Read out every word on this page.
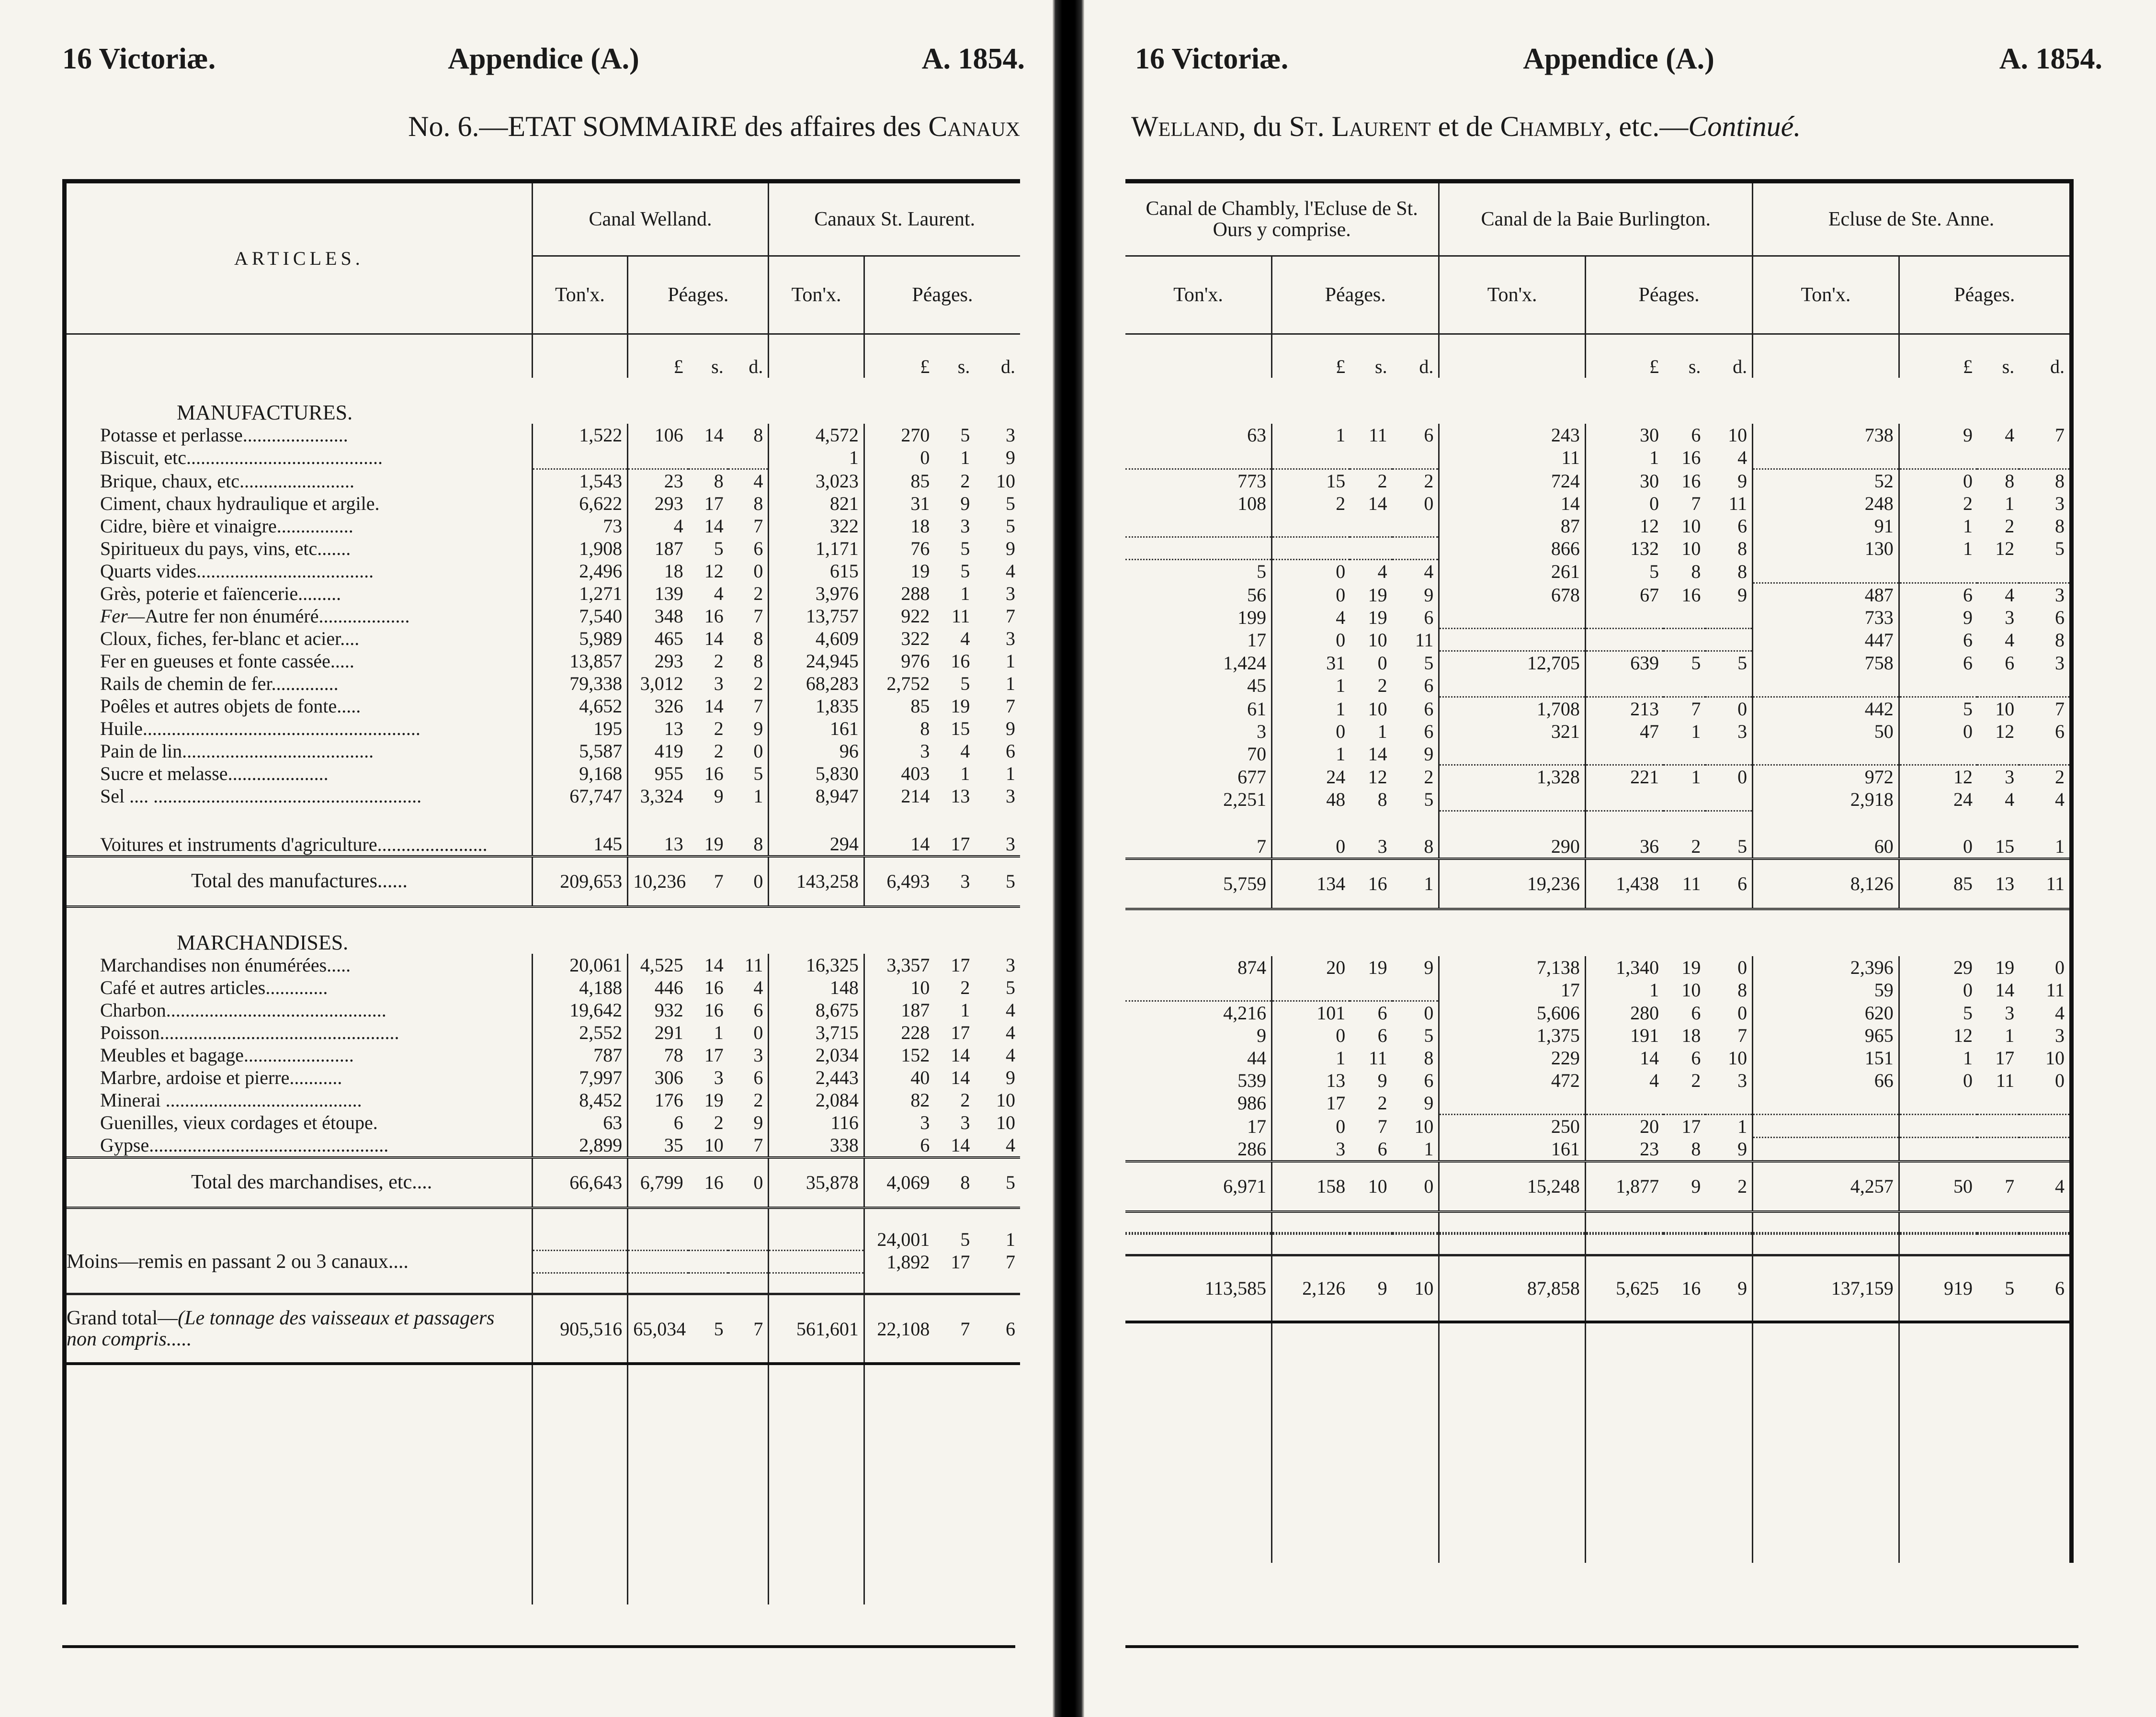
16 Victoriæ.	Appendice (A.)	A. 1854.
No. 6.—ETAT SOMMAIRE des affaires des Canaux
ARTICLES.	Canal Welland.				Canaux St. Laurent.			
	Ton'x.	Péages.			Ton'x.	Péages.		
		£	s.	d.		£	s.	d.
MANUFACTURES.								
Potasse et perlasse......................	1,522	106	14	8	4,572	270	5	3
Biscuit, etc.........................................					1	0	1	9
Brique, chaux, etc........................	1,543	23	8	4	3,023	85	2	10
Ciment, chaux hydraulique et argile.	6,622	293	17	8	821	31	9	5
Cidre, bière et vinaigre................	73	4	14	7	322	18	3	5
Spiritueux du pays, vins, etc.......	1,908	187	5	6	1,171	76	5	9
Quarts vides.....................................	2,496	18	12	0	615	19	5	4
Grès, poterie et faïencerie.........	1,271	139	4	2	3,976	288	1	3
Fer—Autre fer non énuméré...................	7,540	348	16	7	13,757	922	11	7
Cloux, fiches, fer-blanc et acier....	5,989	465	14	8	4,609	322	4	3
Fer en gueuses et fonte cassée.....	13,857	293	2	8	24,945	976	16	1
Rails de chemin de fer..............	79,338	3,012	3	2	68,283	2,752	5	1
Poêles et autres objets de fonte.....	4,652	326	14	7	1,835	85	19	7
Huile..........................................................	195	13	2	9	161	8	15	9
Pain de lin........................................	5,587	419	2	0	96	3	4	6
Sucre et melasse.....................	9,168	955	16	5	5,830	403	1	1
Sel .... ........................................................	67,747	3,324	9	1	8,947	214	13	3
Voitures et instruments d'agriculture.......................	145	13	19	8	294	14	17	3
Total des manufactures......	209,653	10,236	7	0	143,258	6,493	3	5
MARCHANDISES.								
Marchandises non énumérées.....	20,061	4,525	14	11	16,325	3,357	17	3
Café et autres articles.............	4,188	446	16	4	148	10	2	5
Charbon..............................................	19,642	932	16	6	8,675	187	1	4
Poisson..................................................	2,552	291	1	0	3,715	228	17	4
Meubles et bagage.......................	787	78	17	3	2,034	152	14	4
Marbre, ardoise et pierre...........	7,997	306	3	6	2,443	40	14	9
Minerai .........................................	8,452	176	19	2	2,084	82	2	10
Guenilles, vieux cordages et étoupe.	63	6	2	9	116	3	3	10
Gypse..................................................	2,899	35	10	7	338	6	14	4
Total des marchandises, etc....	66,643	6,799	16	0	35,878	4,069	8	5

						24,001	5	1
Moins—remis en passant 2 ou 3 canaux....						1,892	17	7

Grand total—(Le tonnage des vaisseaux et passagers non compris.....	905,516	65,034	5	7	561,601	22,108	7	6

16 Victoriæ.	Appendice (A.)	A. 1854.
Welland, du St. Laurent et de Chambly, etc.—Continué.
Canal de Chambly, l'Ecluse de St. Ours y comprise.				Canal de la Baie Burlington.				Ecluse de Ste. Anne.			
Ton'x.	Péages.			Ton'x.	Péages.			Ton'x.	Péages.		
	£	s.	d.		£	s.	d.		£	s.	d.

63	1	11	6	243	30	6	10	738	9	4	7
				11	1	16	4				
773	15	2	2	724	30	16	9	52	0	8	8
108	2	14	0	14	0	7	11	248	2	1	3
				87	12	10	6	91	1	2	8
				866	132	10	8	130	1	12	5
5	0	4	4	261	5	8	8				
56	0	19	9	678	67	16	9	487	6	4	3
199	4	19	6					733	9	3	6
17	0	10	11					447	6	4	8
1,424	31	0	5	12,705	639	5	5	758	6	6	3
45	1	2	6								
61	1	10	6	1,708	213	7	0	442	5	10	7
3	0	1	6	321	47	1	3	50	0	12	6
70	1	14	9								
677	24	12	2	1,328	221	1	0	972	12	3	2
2,251	48	8	5					2,918	24	4	4
7	0	3	8	290	36	2	5	60	0	15	1
5,759	134	16	1	19,236	1,438	11	6	8,126	85	13	11

874	20	19	9	7,138	1,340	19	0	2,396	29	19	0
				17	1	10	8	59	0	14	11
4,216	101	6	0	5,606	280	6	0	620	5	3	4
9	0	6	5	1,375	191	18	7	965	12	1	3
44	1	11	8	229	14	6	10	151	1	17	10
539	13	9	6	472	4	2	3	66	0	11	0
986	17	2	9								
17	0	7	10	250	20	17	1				
286	3	6	1	161	23	8	9				
6,971	158	10	0	15,248	1,877	9	2	4,257	50	7	4

113,585	2,126	9	10	87,858	5,625	16	9	137,159	919	5	6
